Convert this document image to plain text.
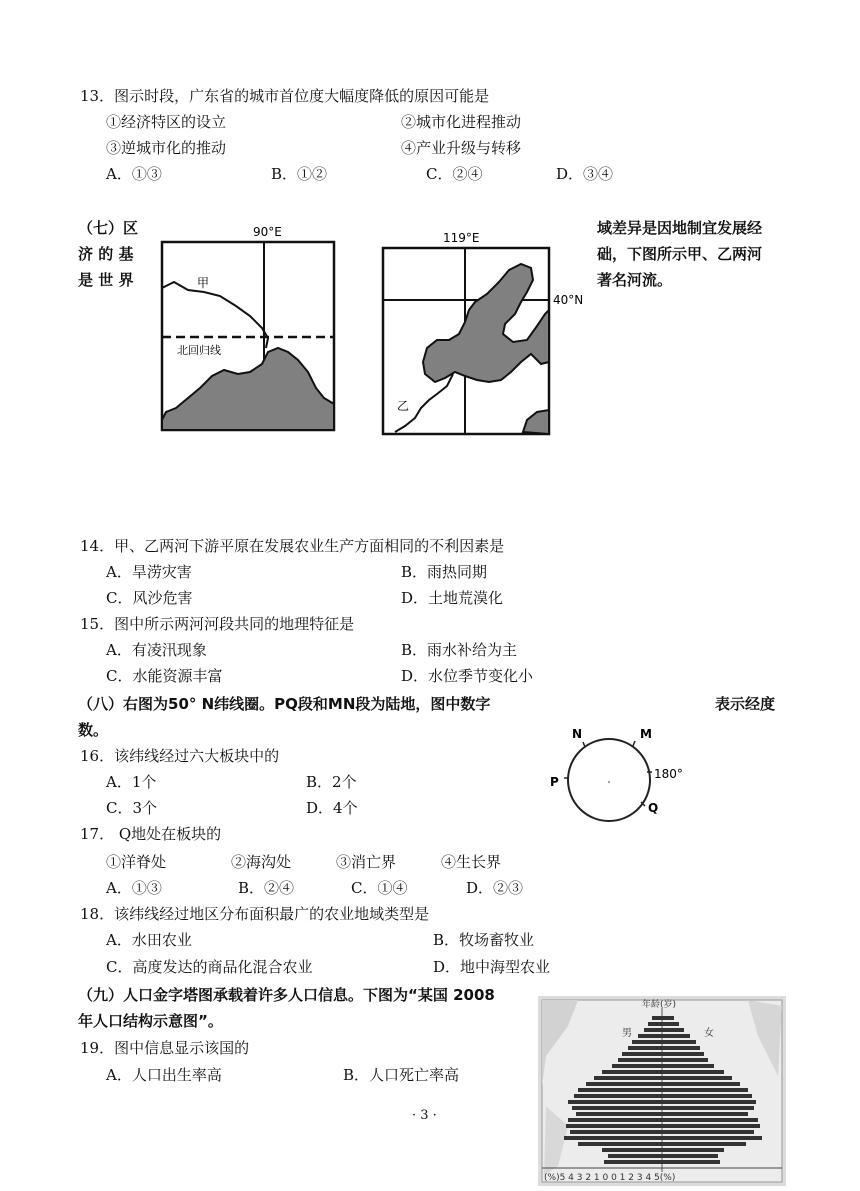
13．图示时段，广东省的城市首位度大幅度降低的原因可能是
①经济特区的设立	②城市化进程推动
③逆城市化的推动	④产业升级与转移
A．①③	B．①②	C．②④	D．③④
（七）区
济 的 基
是 世 界
域差异是因地制宜发展经
础，下图所示甲、乙两河
著名河流。
90°E
甲
北回归线
119°E
40°N
乙
14．甲、乙两河下游平原在发展农业生产方面相同的不利因素是
A．旱涝灾害	B．雨热同期
C．风沙危害	D．土地荒漠化
15．图中所示两河河段共同的地理特征是
A．有凌汛现象	B．雨水补给为主
C．水能资源丰富	D．水位季节变化小
（八）右图为50° N纬线圈。PQ段和MN段为陆地，图中数字	表示经度
数。	N	M
P
180°
Q
16．该纬线经过六大板块中的
A．1个	B．2个
C．3个	D．4个
17． Q地处在板块的
①洋脊处	②海沟处	③消亡界	④生长界
A．①③	B．②④	C．①④	D．②③
18．该纬线经过地区分布面积最广的农业地域类型是
A．水田农业	B．牧场畜牧业
C．高度发达的商品化混合农业	D．地中海型农业
（九）人口金字塔图承载着许多人口信息。下图为“某国 2008
年人口结构示意图”。
19．图中信息显示该国的
A．人口出生率高	B．人口死亡率高
· 3 ·
年龄(岁)
男	女
(%)5 4 3 2 1 0 0 1 2 3 4 5(%)
